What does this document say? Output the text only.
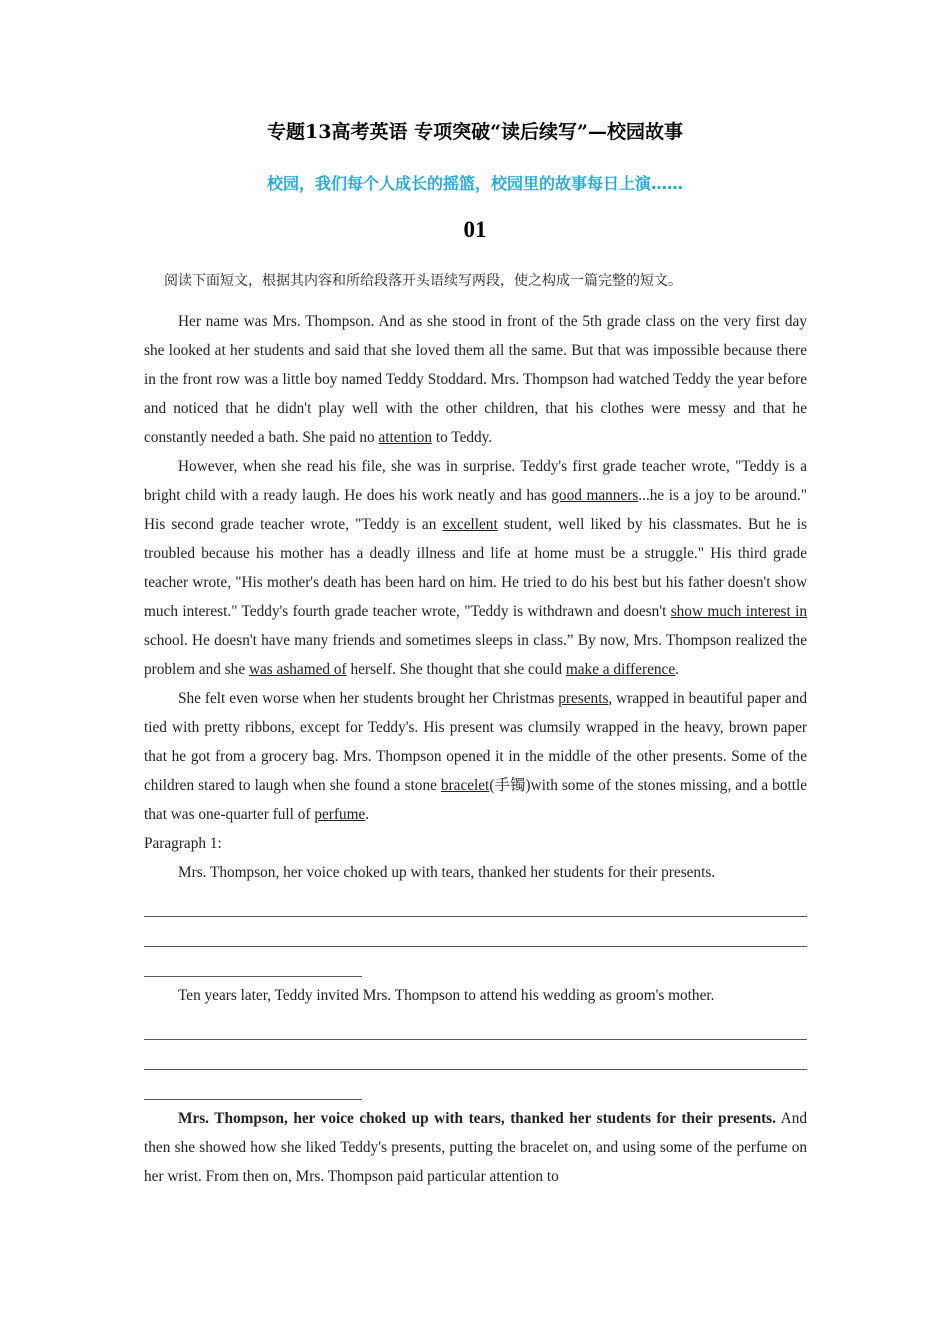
专题13高考英语 专项突破“读后续写”—校园故事
校园，我们每个人成长的摇篮，校园里的故事每日上演……
01
阅读下面短文，根据其内容和所给段落开头语续写两段，使之构成一篇完整的短文。

Her name was Mrs. Thompson. And as she stood in front of the 5th grade class on the very first day she looked at her students and said that she loved them all the same. But that was impossible because there in the front row was a little boy named Teddy Stoddard. Mrs. Thompson had watched Teddy the year before and noticed that he didn't play well with the other children, that his clothes were messy and that he constantly needed a bath. She paid no attention to Teddy.

However, when she read his file, she was in surprise. Teddy's first grade teacher wrote, "Teddy is a bright child with a ready laugh. He does his work neatly and has good manners...he is a joy to be around." His second grade teacher wrote, "Teddy is an excellent student, well liked by his classmates. But he is troubled because his mother has a deadly illness and life at home must be a struggle." His third grade teacher wrote, "His mother's death has been hard on him. He tried to do his best but his father doesn't show much interest." Teddy's fourth grade teacher wrote, "Teddy is withdrawn and doesn't show much interest in school. He doesn't have many friends and sometimes sleeps in class.” By now, Mrs. Thompson realized the problem and she was ashamed of herself. She thought that she could make a difference.

She felt even worse when her students brought her Christmas presents, wrapped in beautiful paper and tied with pretty ribbons, except for Teddy's. His present was clumsily wrapped in the heavy, brown paper that he got from a grocery bag. Mrs. Thompson opened it in the middle of the other presents. Some of the children stared to laugh when she found a stone bracelet(手镯)with some of the stones missing, and a bottle that was one-quarter full of perfume.

Paragraph 1:

Mrs. Thompson, her voice choked up with tears, thanked her students for their presents.

Ten years later, Teddy invited Mrs. Thompson to attend his wedding as groom's mother.

Mrs. Thompson, her voice choked up with tears, thanked her students for their presents. And then she showed how she liked Teddy's presents, putting the bracelet on, and using some of the perfume on her wrist. From then on, Mrs. Thompson paid particular attention to
